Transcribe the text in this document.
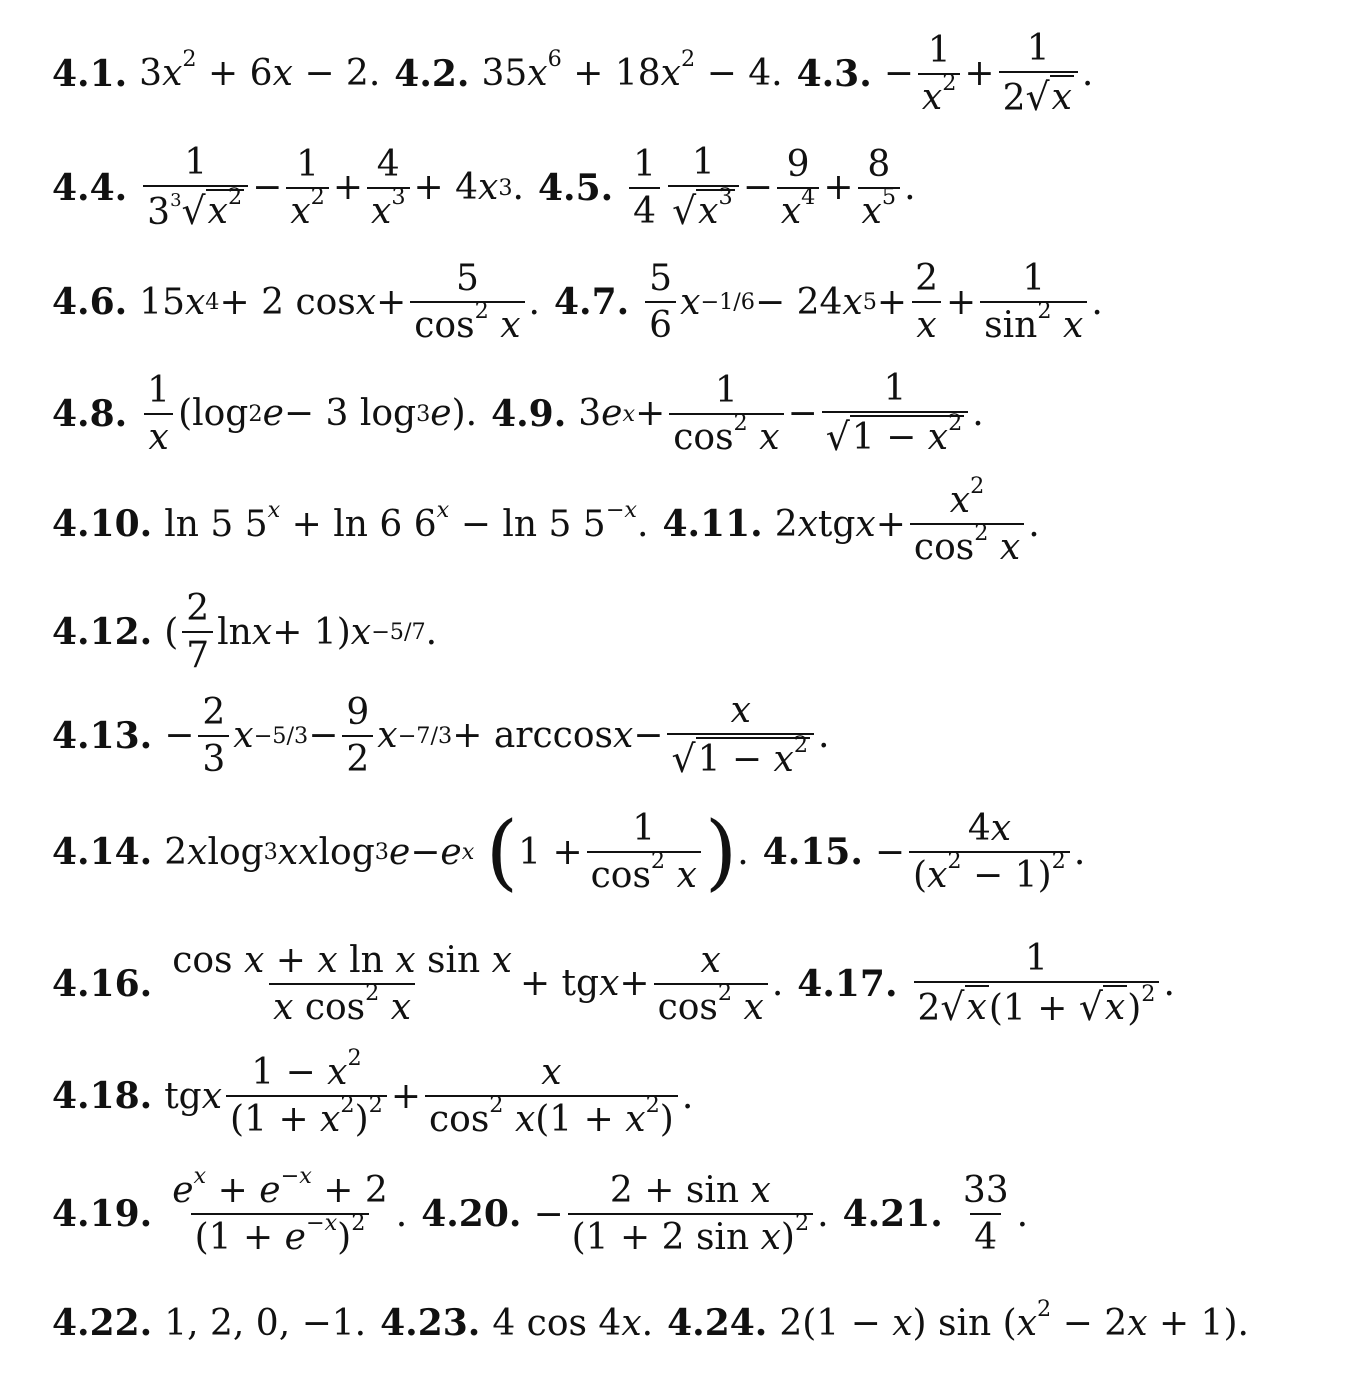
4.1. $3x^2 + 6x - 2$. 4.2. $35x^6 + 18x^2 - 4$. 4.3. − $\frac{1}{x^2} + \frac{1}{2 √ x}$ .
4.4. $\frac{1}{3^3 √ x^2} - \frac{1}{x^2} + \frac{4}{x^3} + 4$ x 3 . 4.5. $\frac{1}{4} \frac{1}{√ x^3} - \frac{9}{x^4} + \frac{8}{x^5}$ .
4.6. 15 x 4 + 2 $\cos x + \frac{5}{\cos^2 x}$ . 4.7. $\frac{5}{6}$ x −1/6 − 24 x $5 + \frac{2}{x} + \frac{1}{\sin^2 x}$ .
4.8. $\frac{1}{x} (\log$ 2 e − 3 log 3 e ). 4.9. 3 e $x + \frac{1}{\cos^2 x} - \frac{1}{√ 1 - x^2}$ .
4.10. ln 5 $5^x + \ln 6$ $6^x - \ln 5$ $5^{-x}$. 4.11. 2 x tg $x + \frac{x^2}{\cos^2 x}$ .
4.12. ( $\frac{2}{7}$ ln x + 1) x −5/7 .
4.13. − $\frac{2}{3}$ $x -5/3 - \frac{9}{2}$ $x -7/3 + \arccos x - \frac{x}{√ 1 - x^2}$ .
4.14. 2 x log 3 x x log 3 e − e x
( $1 + \frac{1}{\cos^2 x}$ ) . 4.15. − $\frac{4x}{(x^2 - 1)^2}$ .
4.16. $\frac{\text{cos x + x ln x sin x}}{x \cos^2 x}$ + tg $x + \frac{x}{\cos^2 x}$ . 4.17. $\frac{1}{2 √ x (1 + √ x )^2}$ .
4.18. tg x $\frac{1 - x^2}{(1 + x^2)^2} + \frac{x}{\cos^2 x(1 + x^2)}$ .
4.19. $\frac{e^x + e^{-x} + 2}{(1 + e^{-x})^2}$ . 4.20. − $\frac{\text{2 + sin x}}{(1 + 2 \sin x)^2}$ . 4.21. $\frac{33}{4}$ .
4.22. 1, 2, 0, −1. 4.23. 4 cos 4x. 4.24. 2(1 − x) $\sin (x^2 - 2x + 1)$.
